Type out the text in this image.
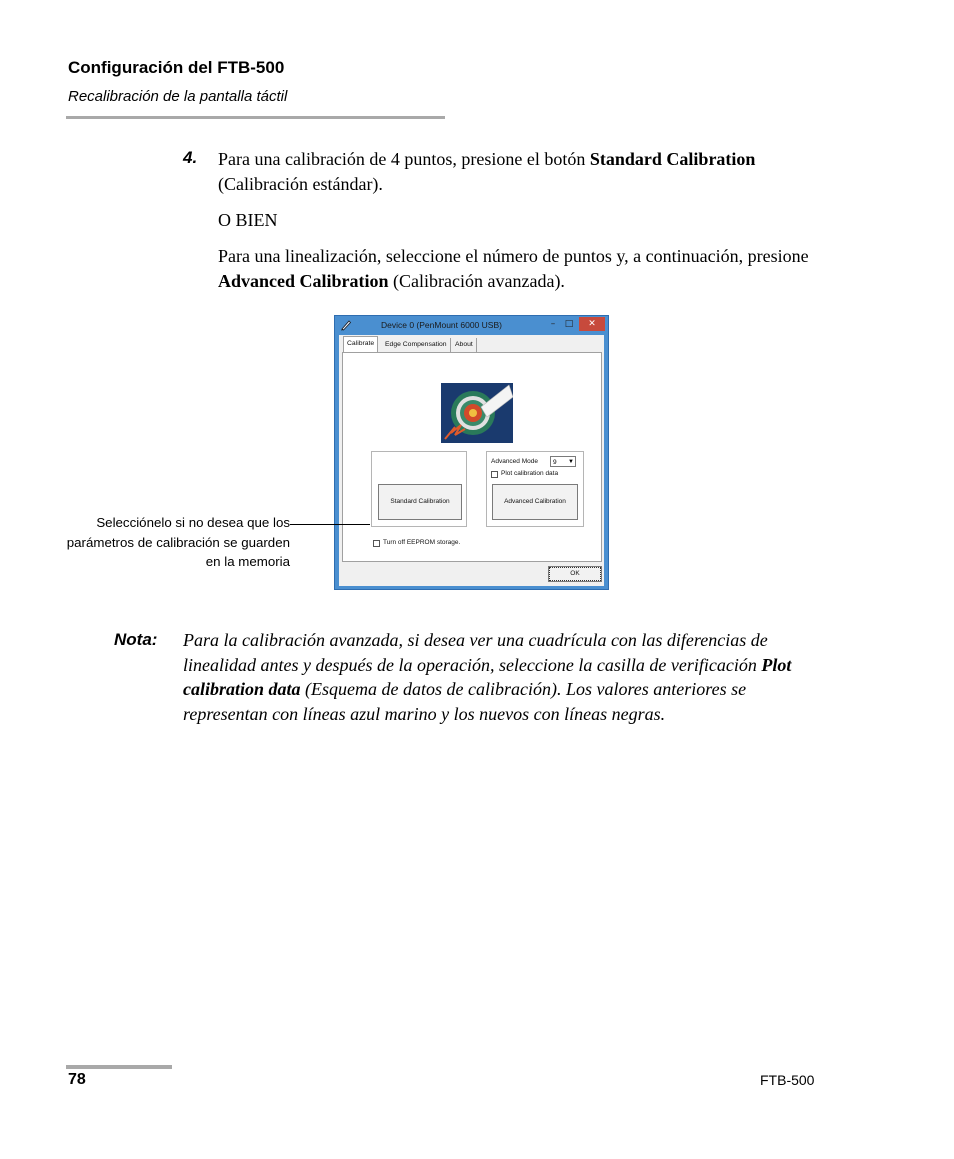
Configuración del FTB-500
Recalibración de la pantalla táctil
4. Para una calibración de 4 puntos, presione el botón Standard Calibration (Calibración estándar).
O BIEN
Para una linealización, seleccione el número de puntos y, a continuación, presione Advanced Calibration (Calibración avanzada).
Device 0 (PenMount 6000 USB)	–	□	✕
Calibrate	Edge Compensation	About
Standard Calibration
Advanced Mode	9 ▼
Plot calibration data
Advanced Calibration
Turn off EEPROM storage.
OK
Selecciónelo si no desea que los parámetros de calibración se guarden en la memoria
Nota: Para la calibración avanzada, si desea ver una cuadrícula con las diferencias de linealidad antes y después de la operación, seleccione la casilla de verificación Plot calibration data (Esquema de datos de calibración). Los valores anteriores se representan con líneas azul marino y los nuevos con líneas negras.
78	FTB-500
